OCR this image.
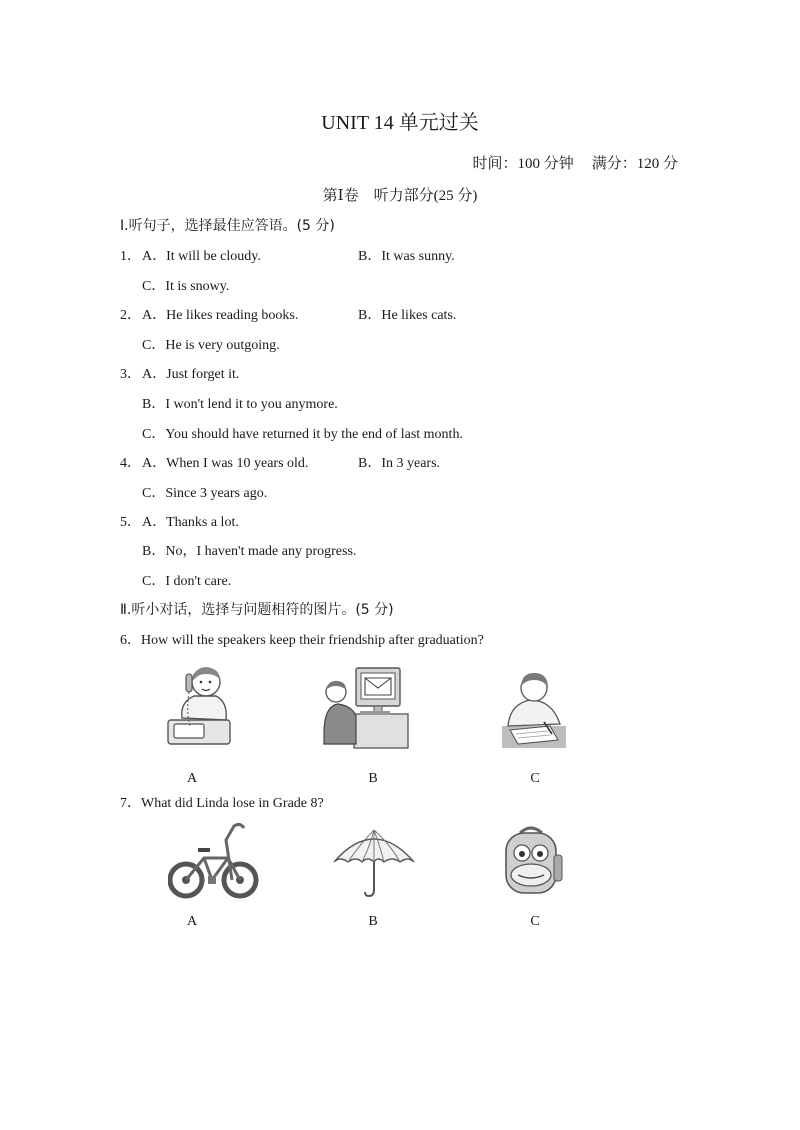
UNIT 14 单元过关
时间：100 分钟 满分：120 分
第Ⅰ卷　听力部分(25 分)
Ⅰ.听句子，选择最佳应答语。(5 分)
1． A．It will be cloudy.	B．It was sunny.
C．It is snowy.
2． A．He likes reading books.	B．He likes cats.
C．He is very outgoing.
3． A．Just forget it.
B．I won't lend it to you anymore.
C．You should have returned it by the end of last month.
4． A．When I was 10 years old.	B．In 3 years.
C．Since 3 years ago.
5． A．Thanks a lot.
B．No，I haven't made any progress.
C．I don't care.
Ⅱ.听小对话，选择与问题相符的图片。(5 分)
6．How will the speakers keep their friendship after graduation?
A	B	C
7．What did Linda lose in Grade 8?
A	B	C
